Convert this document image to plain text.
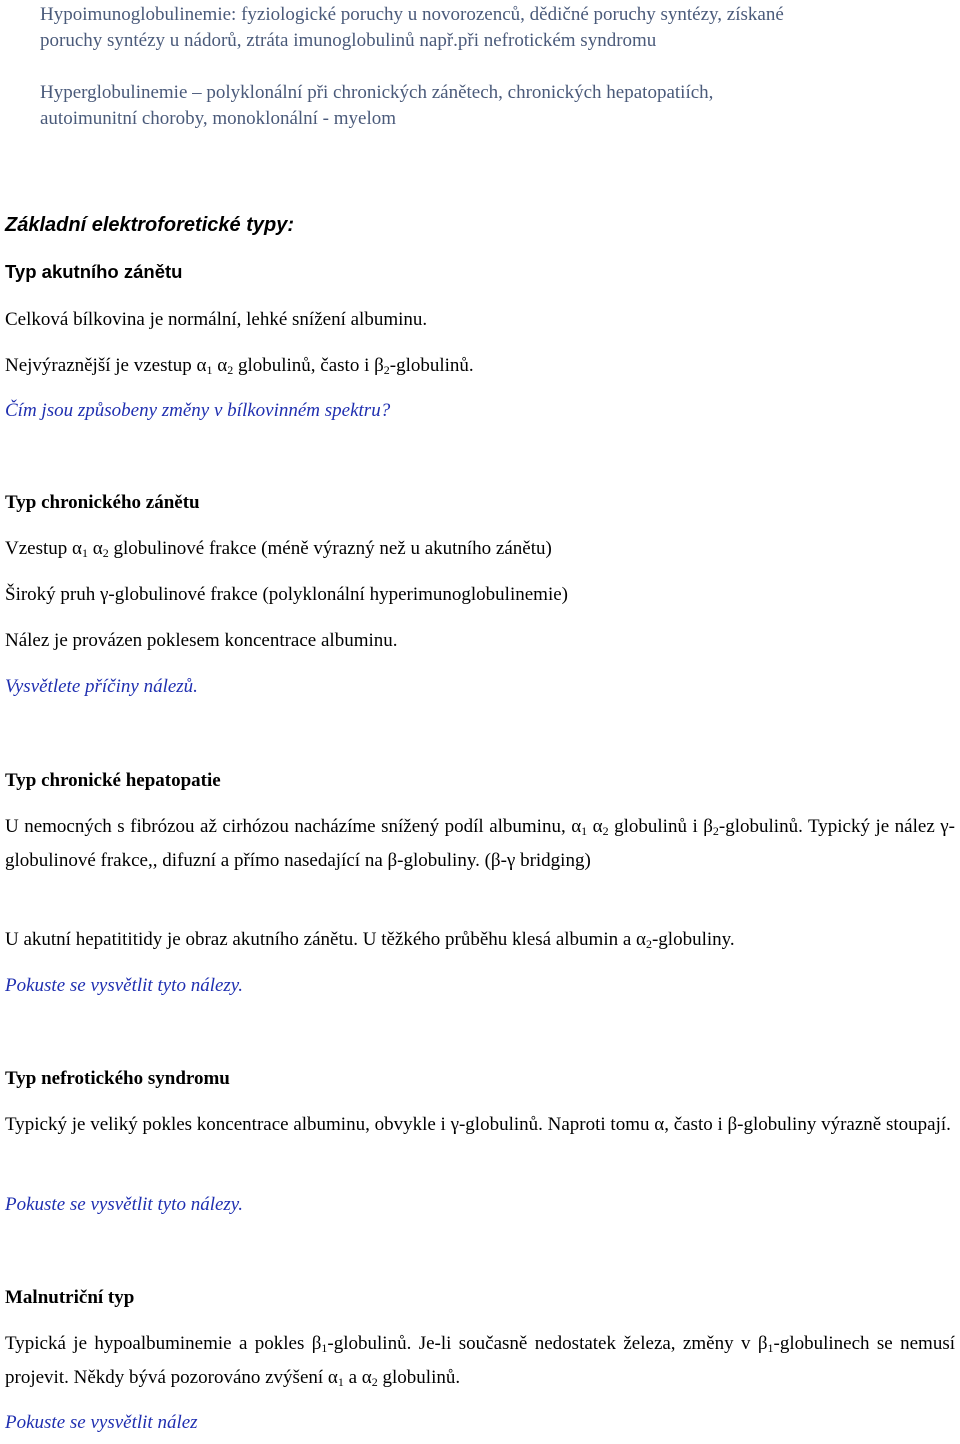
Hypoimunoglobulinemie: fyziologické poruchy u novorozenců, dědičné poruchy syntézy, získané
poruchy syntézy u nádorů, ztráta imunoglobulinů např.při nefrotickém syndromu

Hyperglobulinemie – polyklonální při chronických zánětech, chronických hepatopatiích,
autoimunitní choroby, monoklonální - myelom

Základní elektroforetické typy:
Typ akutního zánětu

Celková bílkovina je normální, lehké snížení albuminu.

Nejvýraznější je vzestup $\alpha_1$ $\alpha_2$ globulinů, často i $\beta_2$-globulinů.

Čím jsou způsobeny změny v bílkovinném spektru?

Typ chronického zánětu

Vzestup $\alpha_1$ $\alpha_2$ globulinové frakce (méně výrazný než u akutního zánětu)

Široký pruh γ-globulinové frakce (polyklonální hyperimunoglobulinemie)

Nález je provázen poklesem koncentrace albuminu.

Vysvětlete příčiny nálezů.

Typ chronické hepatopatie

U nemocných s fibrózou až cirhózou nacházíme snížený podíl albuminu, $\alpha_1$ $\alpha_2$ globulinů i $\beta_2$-globulinů. Typický je nález γ-globulinové frakce,, difuzní a přímo nasedající na β-globuliny. (β-γ bridging)

U akutní hepatititidy je obraz akutního zánětu. U těžkého průběhu klesá albumin a $\alpha_2$-globuliny.

Pokuste se vysvětlit tyto nálezy.

Typ nefrotického syndromu

Typický je veliký pokles koncentrace albuminu, obvykle i γ-globulinů. Naproti tomu α, často i β-globuliny výrazně stoupají.

Pokuste se vysvětlit tyto nálezy.

Malnutriční typ

Typická je hypoalbuminemie a pokles $\beta_1$-globulinů. Je-li současně nedostatek železa, změny v $\beta_1$-globulinech se nemusí projevit. Někdy bývá pozorováno zvýšení $\alpha_1$ a $\alpha_2$ globulinů.

Pokuste se vysvětlit nález
